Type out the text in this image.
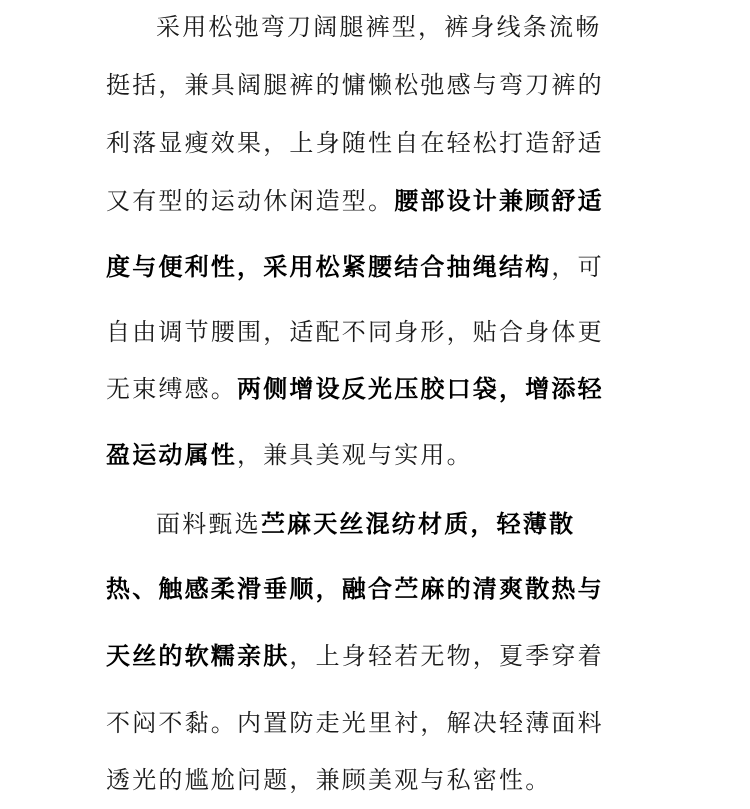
采用松弛弯刀阔腿裤型，裤身线条流畅
挺括，兼具阔腿裤的慵懒松弛感与弯刀裤的
利落显瘦效果，上身随性自在轻松打造舒适
又有型的运动休闲造型。腰部设计兼顾舒适
度与便利性，采用松紧腰结合抽绳结构，可
自由调节腰围，适配不同身形，贴合身体更
无束缚感。两侧增设反光压胶口袋，增添轻
盈运动属性，兼具美观与实用。
面料甄选苎麻天丝混纺材质，轻薄散
热、触感柔滑垂顺，融合苎麻的清爽散热与
天丝的软糯亲肤，上身轻若无物，夏季穿着
不闷不黏。内置防走光里衬，解决轻薄面料
透光的尴尬问题，兼顾美观与私密性。
